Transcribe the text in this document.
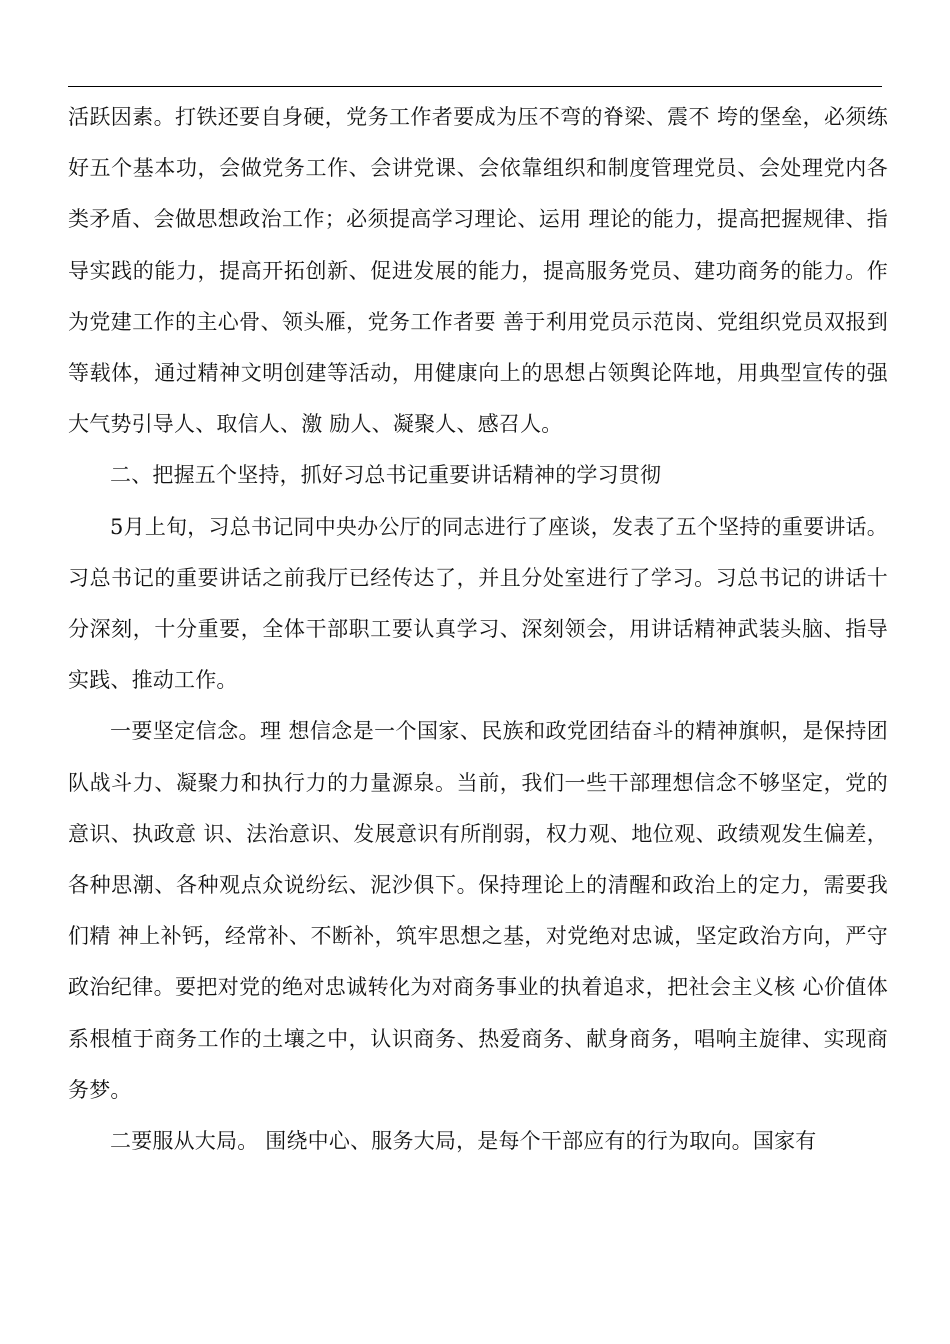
活跃因素。打铁还要自身硬，党务工作者要成为压不弯的脊梁、震不 垮的堡垒，必须练好五个基本功，会做党务工作、会讲党课、会依靠组织和制度管理党员、会处理党内各类矛盾、会做思想政治工作；必须提高学习理论、运用 理论的能力，提高把握规律、指导实践的能力，提高开拓创新、促进发展的能力，提高服务党员、建功商务的能力。作为党建工作的主心骨、领头雁，党务工作者要 善于利用党员示范岗、党组织党员双报到等载体，通过精神文明创建等活动，用健康向上的思想占领舆论阵地，用典型宣传的强大气势引导人、取信人、激 励人、凝聚人、感召人。

二、把握五个坚持，抓好习总书记重要讲话精神的学习贯彻

5月上旬，习总书记同中央办公厅的同志进行了座谈，发表了五个坚持的重要讲话。习总书记的重要讲话之前我厅已经传达了，并且分处室进行了学习。习总书记的讲话十分深刻，十分重要，全体干部职工要认真学习、深刻领会，用讲话精神武装头脑、指导实践、推动工作。

一要坚定信念。理 想信念是一个国家、民族和政党团结奋斗的精神旗帜，是保持团队战斗力、凝聚力和执行力的力量源泉。当前，我们一些干部理想信念不够坚定，党的意识、执政意 识、法治意识、发展意识有所削弱，权力观、地位观、政绩观发生偏差，各种思潮、各种观点众说纷纭、泥沙俱下。保持理论上的清醒和政治上的定力，需要我们精 神上补钙，经常补、不断补，筑牢思想之基，对党绝对忠诚，坚定政治方向，严守政治纪律。要把对党的绝对忠诚转化为对商务事业的执着追求，把社会主义核 心价值体系根植于商务工作的土壤之中，认识商务、热爱商务、献身商务，唱响主旋律、实现商务梦。

二要服从大局。 围绕中心、服务大局，是每个干部应有的行为取向。国家有
